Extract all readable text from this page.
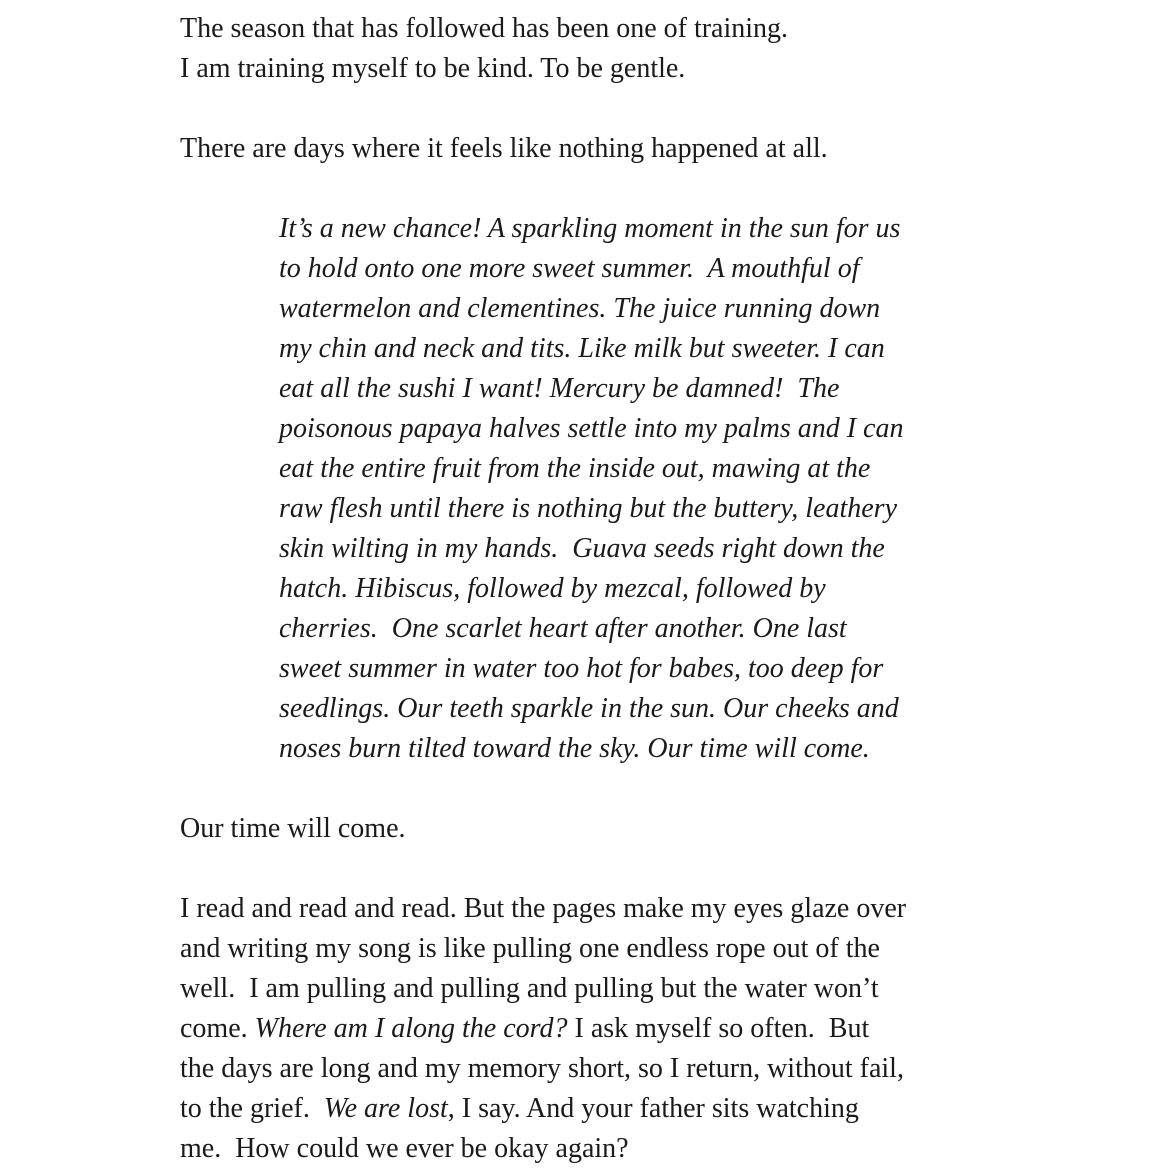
The season that has followed has been one of training.

I am training myself to be kind. To be gentle.

There are days where it feels like nothing happened at all.

It’s a new chance! A sparkling moment in the sun for us

to hold onto one more sweet summer.  A mouthful of

watermelon and clementines. The juice running down

my chin and neck and tits. Like milk but sweeter. I can

eat all the sushi I want! Mercury be damned!  The

poisonous papaya halves settle into my palms and I can

eat the entire fruit from the inside out, mawing at the

raw flesh until there is nothing but the buttery, leathery

skin wilting in my hands.  Guava seeds right down the

hatch. Hibiscus, followed by mezcal, followed by

cherries.  One scarlet heart after another. One last

sweet summer in water too hot for babes, too deep for

seedlings. Our teeth sparkle in the sun. Our cheeks and

noses burn tilted toward the sky. Our time will come.

Our time will come.

I read and read and read. But the pages make my eyes glaze over

and writing my song is like pulling one endless rope out of the

well.  I am pulling and pulling and pulling but the water won’t

come. Where am I along the cord? I ask myself so often.  But

the days are long and my memory short, so I return, without fail,

to the grief.  We are lost, I say. And your father sits watching

me.  How could we ever be okay again?
